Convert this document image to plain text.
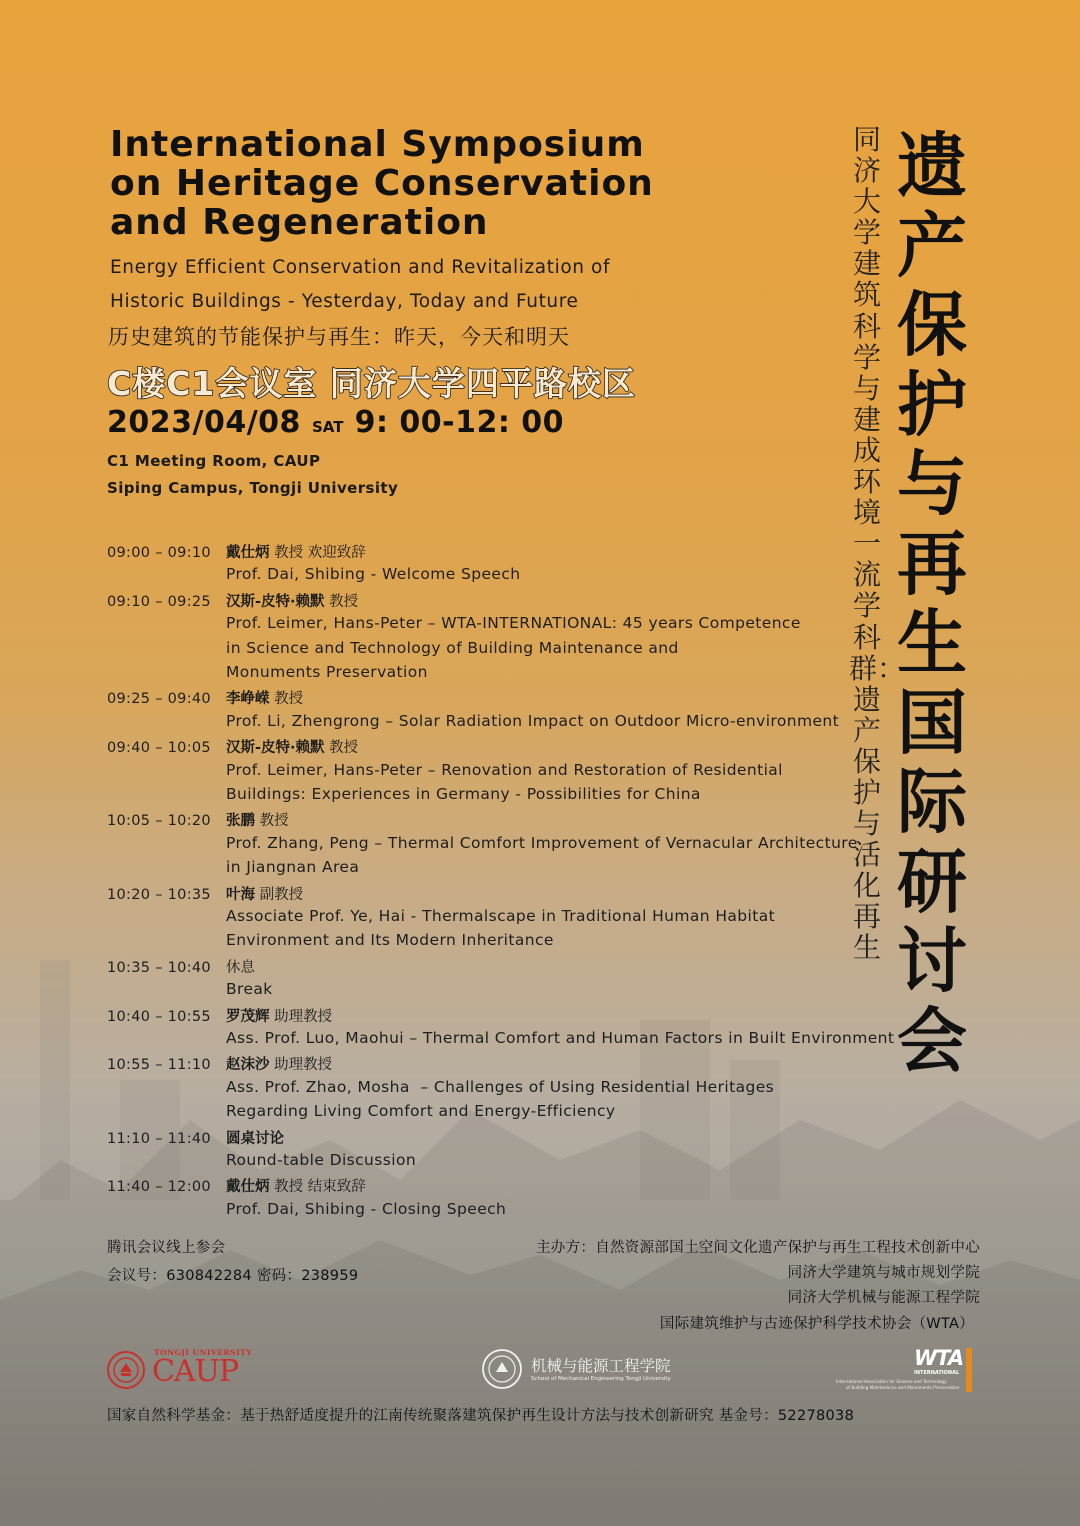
International Symposium
on Heritage Conservation
and Regeneration
Energy Efficient Conservation and Revitalization of
Historic Buildings - Yesterday, Today and Future
历史建筑的节能保护与再生：昨天，今天和明天
C楼C1会议室 同济大学四平路校区
2023/04/08 SAT 9: 00-12: 00
C1 Meeting Room, CAUP
Siping Campus, Tongji University
09:00 – 09:10 戴仕炳 教授 欢迎致辞
Prof. Dai, Shibing - Welcome Speech
09:10 – 09:25 汉斯-皮特·赖默 教授
Prof. Leimer, Hans-Peter – WTA-INTERNATIONAL: 45 years Competence
in Science and Technology of Building Maintenance and
Monuments Preservation
09:25 – 09:40 李峥嵘 教授
Prof. Li, Zhengrong – Solar Radiation Impact on Outdoor Micro-environment
09:40 – 10:05 汉斯-皮特·赖默 教授
Prof. Leimer, Hans-Peter – Renovation and Restoration of Residential
Buildings: Experiences in Germany - Possibilities for China
10:05 – 10:20 张鹏 教授
Prof. Zhang, Peng – Thermal Comfort Improvement of Vernacular Architecture
in Jiangnan Area
10:20 – 10:35 叶海 副教授
Associate Prof. Ye, Hai - Thermalscape in Traditional Human Habitat
Environment and Its Modern Inheritance
10:35 – 10:40 休息
Break
10:40 – 10:55 罗茂辉 助理教授
Ass. Prof. Luo, Maohui – Thermal Comfort and Human Factors in Built Environment
10:55 – 11:10 赵沫沙 助理教授
Ass. Prof. Zhao, Mosha  – Challenges of Using Residential Heritages
Regarding Living Comfort and Energy-Efficiency
11:10 – 11:40 圆桌讨论
Round-table Discussion
11:40 – 12:00 戴仕炳 教授 结束致辞
Prof. Dai, Shibing - Closing Speech
遗产保护与再生国际研讨会
同济大学建筑科学与建成环境一流学科群：遗产保护与活化再生
腾讯会议线上参会
会议号：630842284 密码：238959
主办方：自然资源部国土空间文化遗产保护与再生工程技术创新中心
同济大学建筑与城市规划学院
同济大学机械与能源工程学院
国际建筑维护与古迹保护科学技术协会（WTA）
TONGJI UNIVERSITY
CAUP	机械与能源工程学院
School of Mechanical Engineering Tongji University
WTA
INTERNATIONAL
International Association for Science and Technology
of Building Maintenance and Monuments Preservation
国家自然科学基金：基于热舒适度提升的江南传统聚落建筑保护再生设计方法与技术创新研究 基金号：52278038
